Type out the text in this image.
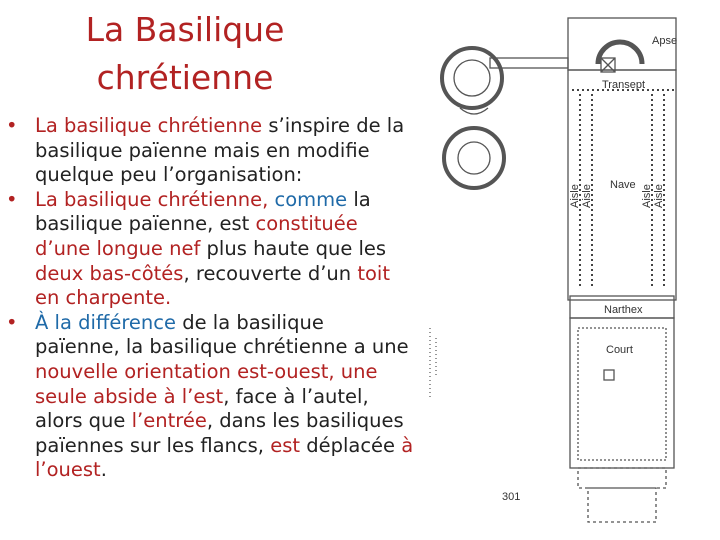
La Basilique
chrétienne
• La basilique chrétienne s’inspire de la basilique païenne mais en modifie quelque peu l’organisation:
• La basilique chrétienne, comme la basilique païenne, est constituée d’une longue nef plus haute que les deux bas-côtés, recouverte d’un toit en charpente.
• À la différence de la basilique païenne, la basilique chrétienne a une nouvelle orientation est-ouest, une seule abside à l’est, face à l’autel, alors que l’entrée, dans les basiliques païennes sur les flancs, est déplacée à l’ouest.
Apse
Transept
Nave
Narthex
Court
Aisle Aisle	Aisle Aisle
301
